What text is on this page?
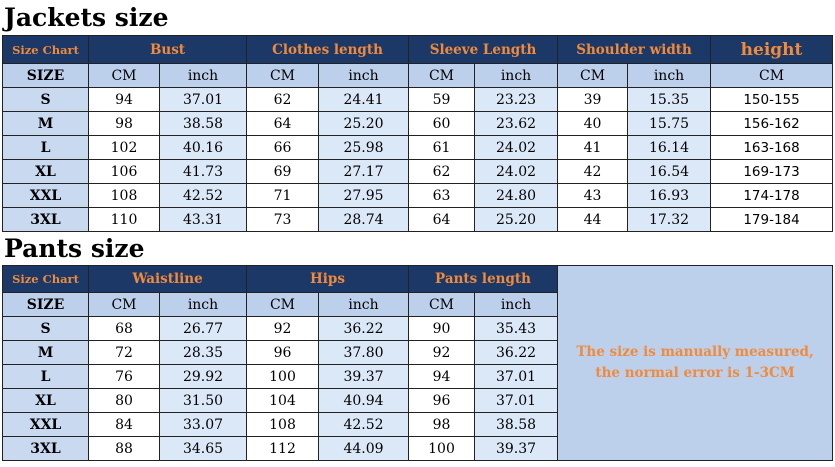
Jackets size
Size Chart	Bust		Clothes length		Sleeve Length		Shoulder width		height
SIZE	CM	inch	CM	inch	CM	inch	CM	inch	CM
S	94	37.01	62	24.41	59	23.23	39	15.35	150-155
M	98	38.58	64	25.20	60	23.62	40	15.75	156-162
L	102	40.16	66	25.98	61	24.02	41	16.14	163-168
XL	106	41.73	69	27.17	62	24.02	42	16.54	169-173
XXL	108	42.52	71	27.95	63	24.80	43	16.93	174-178
3XL	110	43.31	73	28.74	64	25.20	44	17.32	179-184
Pants size
Size Chart	Waistline		Hips		Pants length		The size is manually measured, the normal error is 1-3CM
SIZE	CM	inch	CM	inch	CM	inch	
S	68	26.77	92	36.22	90	35.43	
M	72	28.35	96	37.80	92	36.22	
L	76	29.92	100	39.37	94	37.01	
XL	80	31.50	104	40.94	96	37.01	
XXL	84	33.07	108	42.52	98	38.58	
3XL	88	34.65	112	44.09	100	39.37	
